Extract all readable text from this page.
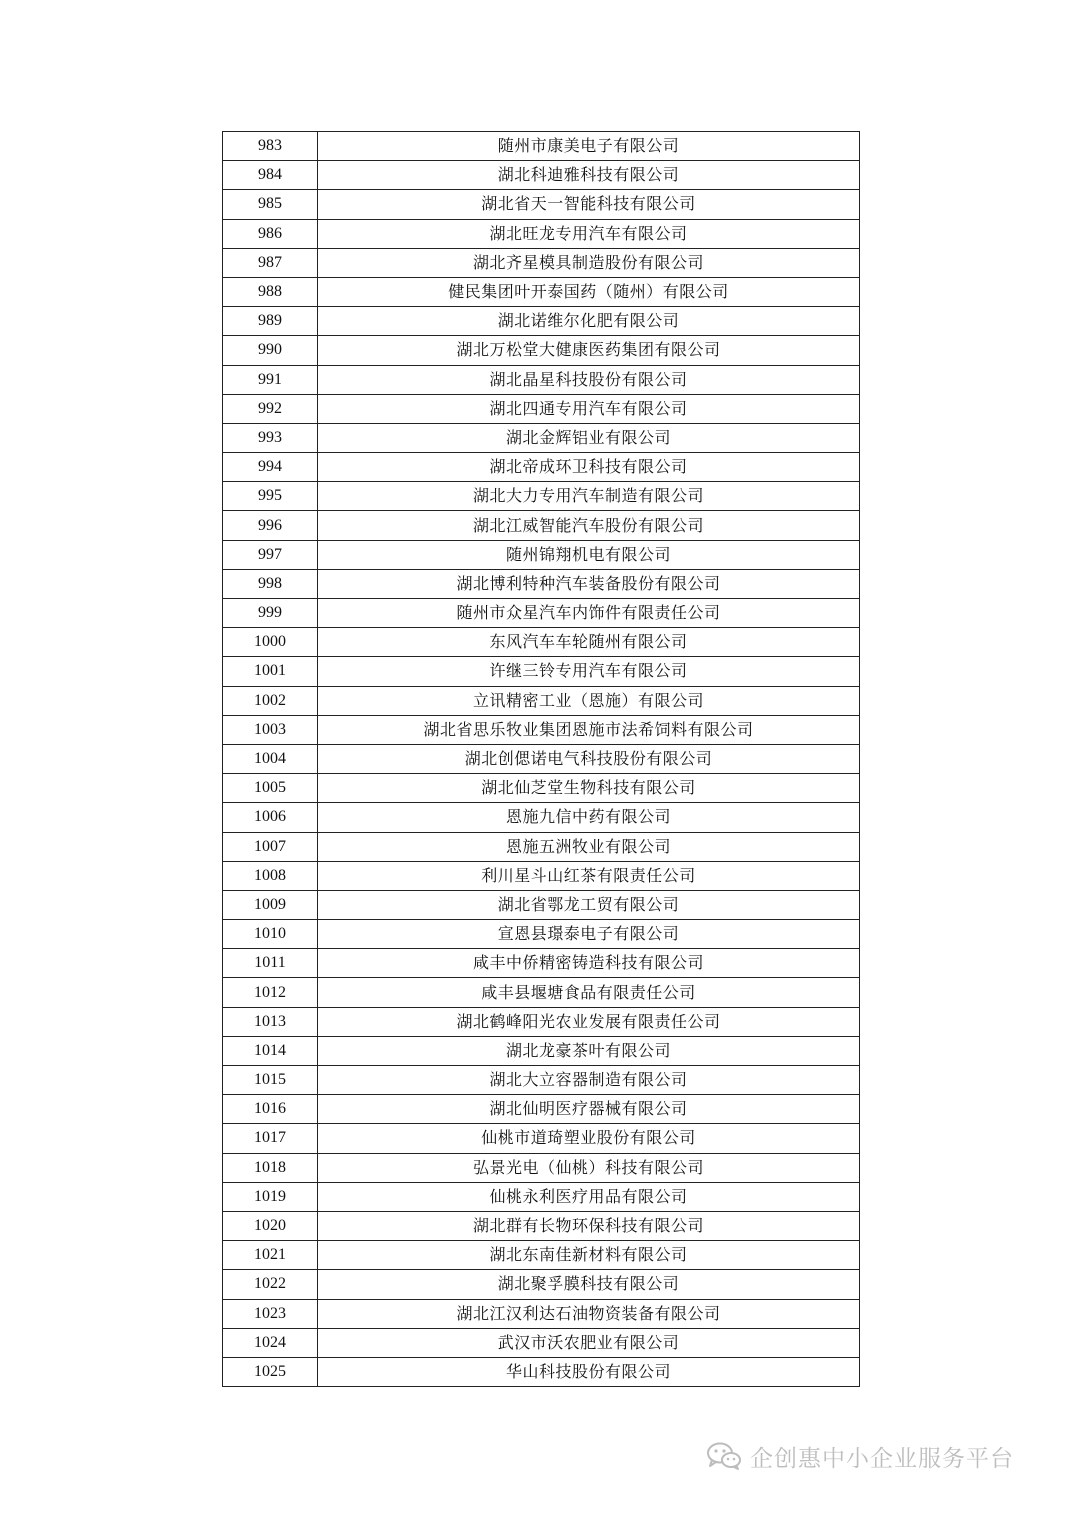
983	随州市康美电子有限公司
984	湖北科迪雅科技有限公司
985	湖北省天一智能科技有限公司
986	湖北旺龙专用汽车有限公司
987	湖北齐星模具制造股份有限公司
988	健民集团叶开泰国药（随州）有限公司
989	湖北诺维尔化肥有限公司
990	湖北万松堂大健康医药集团有限公司
991	湖北晶星科技股份有限公司
992	湖北四通专用汽车有限公司
993	湖北金辉铝业有限公司
994	湖北帝成环卫科技有限公司
995	湖北大力专用汽车制造有限公司
996	湖北江威智能汽车股份有限公司
997	随州锦翔机电有限公司
998	湖北博利特种汽车装备股份有限公司
999	随州市众星汽车内饰件有限责任公司
1000	东风汽车车轮随州有限公司
1001	许继三铃专用汽车有限公司
1002	立讯精密工业（恩施）有限公司
1003	湖北省思乐牧业集团恩施市法希饲料有限公司
1004	湖北创偲诺电气科技股份有限公司
1005	湖北仙芝堂生物科技有限公司
1006	恩施九信中药有限公司
1007	恩施五洲牧业有限公司
1008	利川星斗山红茶有限责任公司
1009	湖北省鄂龙工贸有限公司
1010	宣恩县璟泰电子有限公司
1011	咸丰中侨精密铸造科技有限公司
1012	咸丰县堰塘食品有限责任公司
1013	湖北鹤峰阳光农业发展有限责任公司
1014	湖北龙豪茶叶有限公司
1015	湖北大立容器制造有限公司
1016	湖北仙明医疗器械有限公司
1017	仙桃市道琦塑业股份有限公司
1018	弘景光电（仙桃）科技有限公司
1019	仙桃永利医疗用品有限公司
1020	湖北群有长物环保科技有限公司
1021	湖北东南佳新材料有限公司
1022	湖北聚孚膜科技有限公司
1023	湖北江汉利达石油物资装备有限公司
1024	武汉市沃农肥业有限公司
1025	华山科技股份有限公司
企创惠中小企业服务平台
